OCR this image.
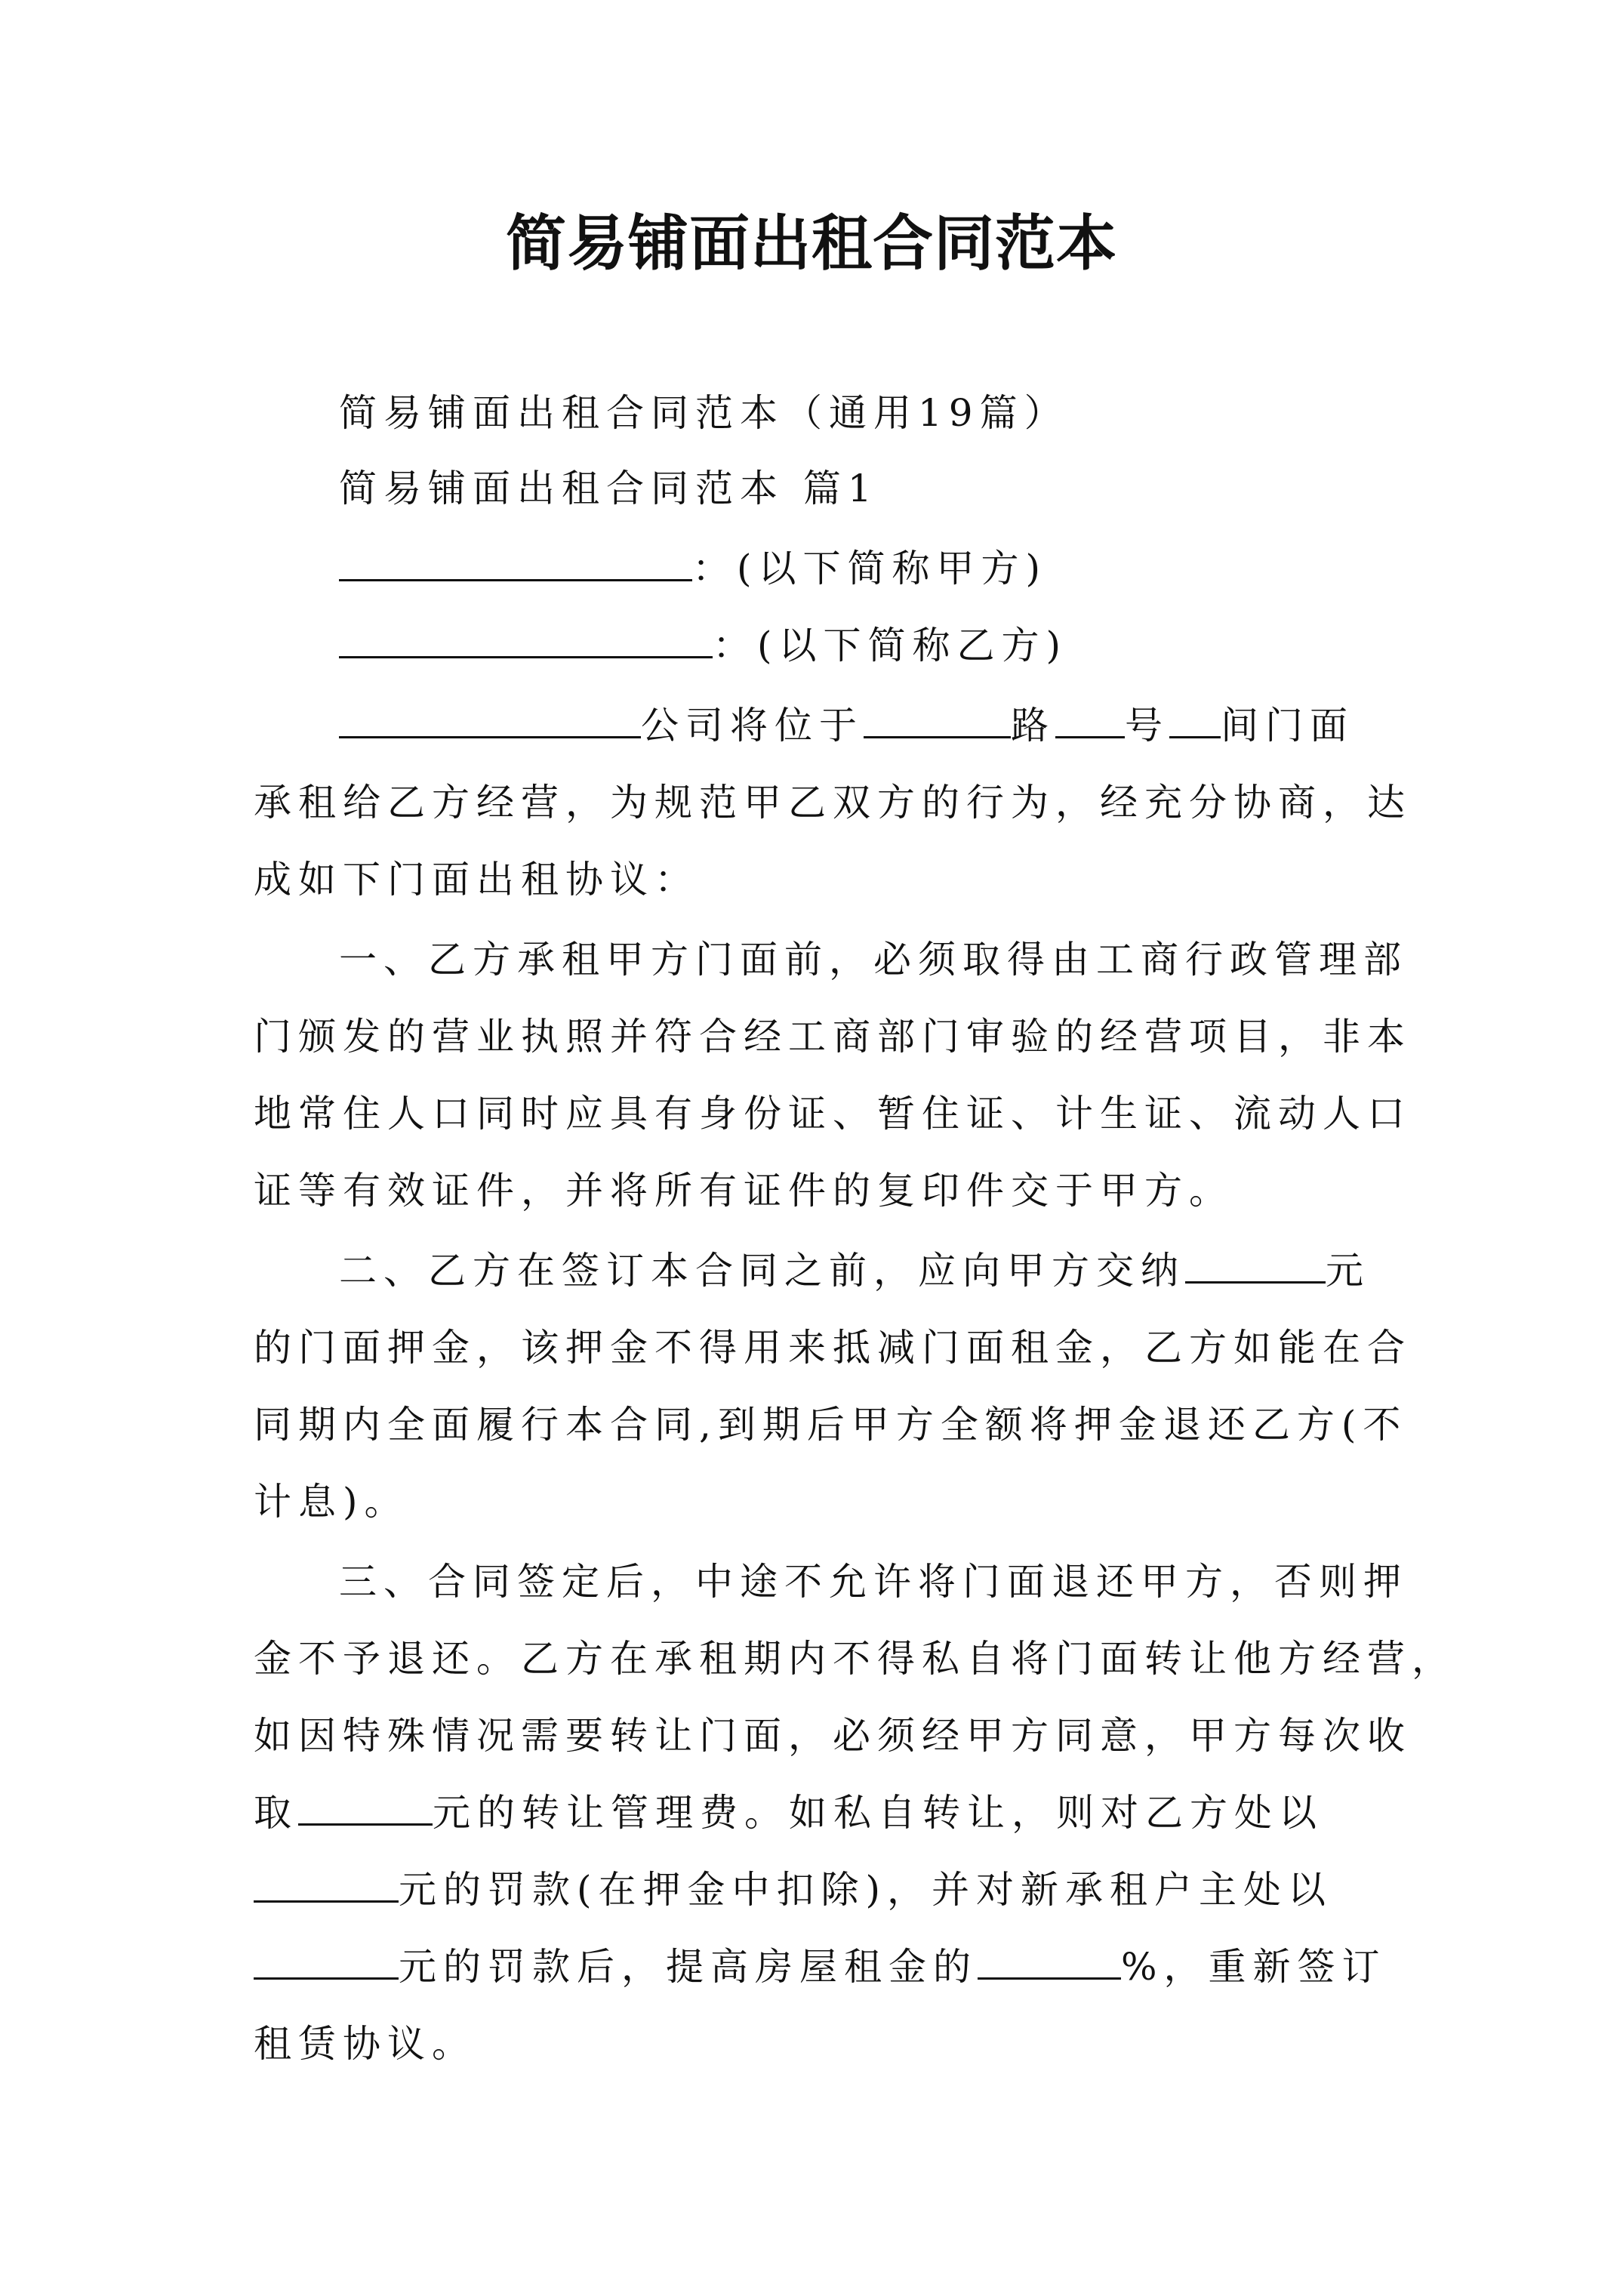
简易铺面出租合同范本
简易铺面出租合同范本（通用19篇）
简易铺面出租合同范本 篇1
：(以下简称甲方)
：(以下简称乙方)
公司将位于	路 号 间门面
承租给乙方经营，为规范甲乙双方的行为，经充分协商，达
成如下门面出租协议：
一、乙方承租甲方门面前，必须取得由工商行政管理部
门颁发的营业执照并符合经工商部门审验的经营项目，非本
地常住人口同时应具有身份证、暂住证、计生证、流动人口
证等有效证件，并将所有证件的复印件交于甲方。
二、乙方在签订本合同之前，应向甲方交纳	元
的门面押金，该押金不得用来抵减门面租金，乙方如能在合
同期内全面履行本合同,到期后甲方全额将押金退还乙方(不
计息)。
三、合同签定后，中途不允许将门面退还甲方，否则押
金不予退还。乙方在承租期内不得私自将门面转让他方经营，
如因特殊情况需要转让门面，必须经甲方同意，甲方每次收
取	元的转让管理费。如私自转让，则对乙方处以
元的罚款(在押金中扣除)，并对新承租户主处以
元的罚款后，提高房屋租金的	%，重新签订
租赁协议。
